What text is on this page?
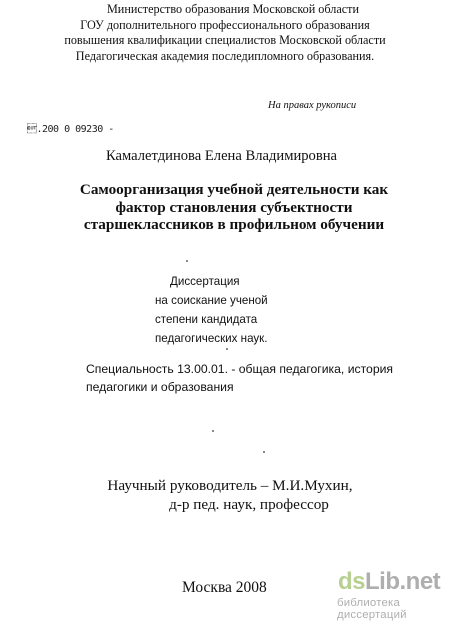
Министерство образования Московской области
ГОУ дополнительного профессионального образования
повышения квалификации специалистов Московской области
Педагогическая академия последипломного образования.
На правах рукописи
.200 0 09230 -
Камалетдинова Елена Владимировна
Самоорганизация учебной деятельности как
фактор становления субъектности
старшеклассников в профильном обучении
Диссертация
на соискание ученой
степени кандидата
педагогических наук.
Специальность 13.00.01. - общая педагогика, история
педагогики и образования
Научный руководитель – М.И.Мухин,
д-р пед. наук, профессор
Москва 2008	dsLib.net
библиотека диссертаций
